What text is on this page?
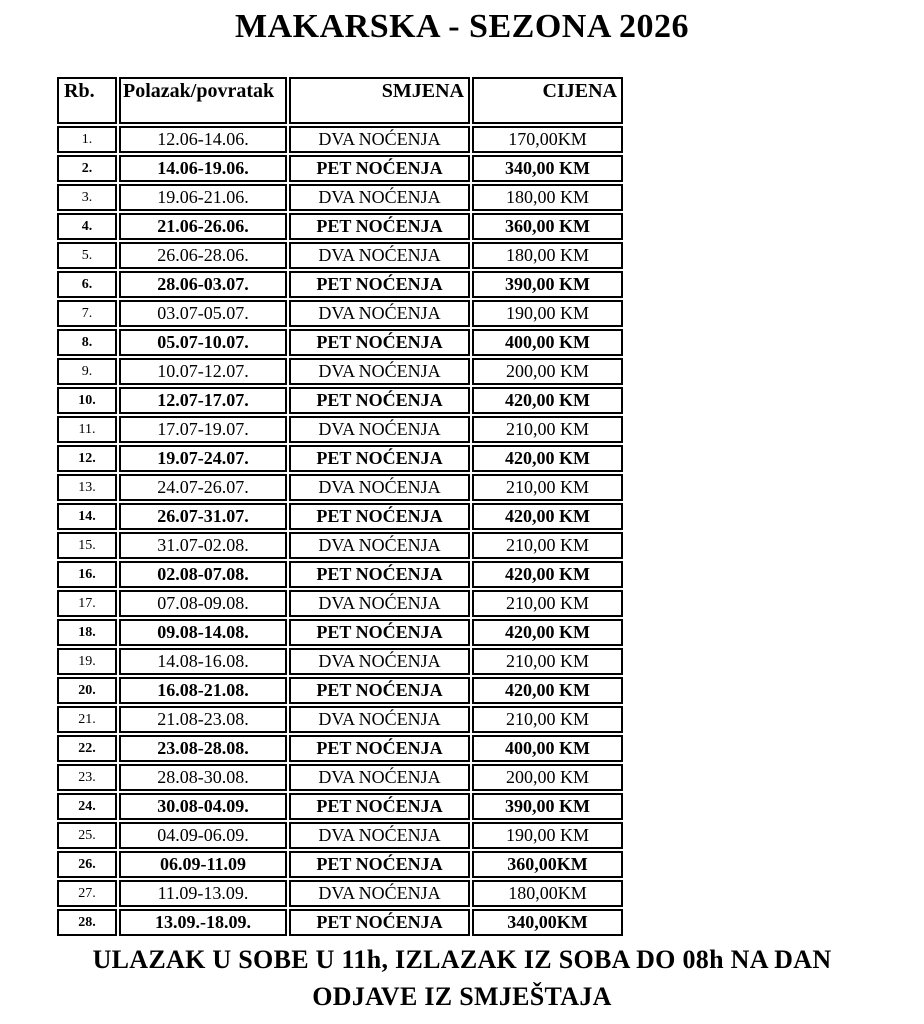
MAKARSKA - SEZONA 2026
Rb.	Polazak/povratak	SMJENA	CIJENA
1.	12.06-14.06.	DVA NOĆENJA	170,00KM
2.	14.06-19.06.	PET NOĆENJA	340,00 KM
3.	19.06-21.06.	DVA NOĆENJA	180,00 KM
4.	21.06-26.06.	PET NOĆENJA	360,00 KM
5.	26.06-28.06.	DVA NOĆENJA	180,00 KM
6.	28.06-03.07.	PET NOĆENJA	390,00 KM
7.	03.07-05.07.	DVA NOĆENJA	190,00 KM
8.	05.07-10.07.	PET NOĆENJA	400,00 KM
9.	10.07-12.07.	DVA NOĆENJA	200,00 KM
10.	12.07-17.07.	PET NOĆENJA	420,00 KM
11.	17.07-19.07.	DVA NOĆENJA	210,00 KM
12.	19.07-24.07.	PET NOĆENJA	420,00 KM
13.	24.07-26.07.	DVA NOĆENJA	210,00 KM
14.	26.07-31.07.	PET NOĆENJA	420,00 KM
15.	31.07-02.08.	DVA NOĆENJA	210,00 KM
16.	02.08-07.08.	PET NOĆENJA	420,00 KM
17.	07.08-09.08.	DVA NOĆENJA	210,00 KM
18.	09.08-14.08.	PET NOĆENJA	420,00 KM
19.	14.08-16.08.	DVA NOĆENJA	210,00 KM
20.	16.08-21.08.	PET NOĆENJA	420,00 KM
21.	21.08-23.08.	DVA NOĆENJA	210,00 KM
22.	23.08-28.08.	PET NOĆENJA	400,00 KM
23.	28.08-30.08.	DVA NOĆENJA	200,00 KM
24.	30.08-04.09.	PET NOĆENJA	390,00 KM
25.	04.09-06.09.	DVA NOĆENJA	190,00 KM
26.	06.09-11.09	PET NOĆENJA	360,00KM
27.	11.09-13.09.	DVA NOĆENJA	180,00KM
28.	13.09.-18.09.	PET NOĆENJA	340,00KM
ULAZAK U SOBE U 11h, IZLAZAK IZ SOBA DO 08h NA DAN
ODJAVE IZ SMJEŠTAJA
